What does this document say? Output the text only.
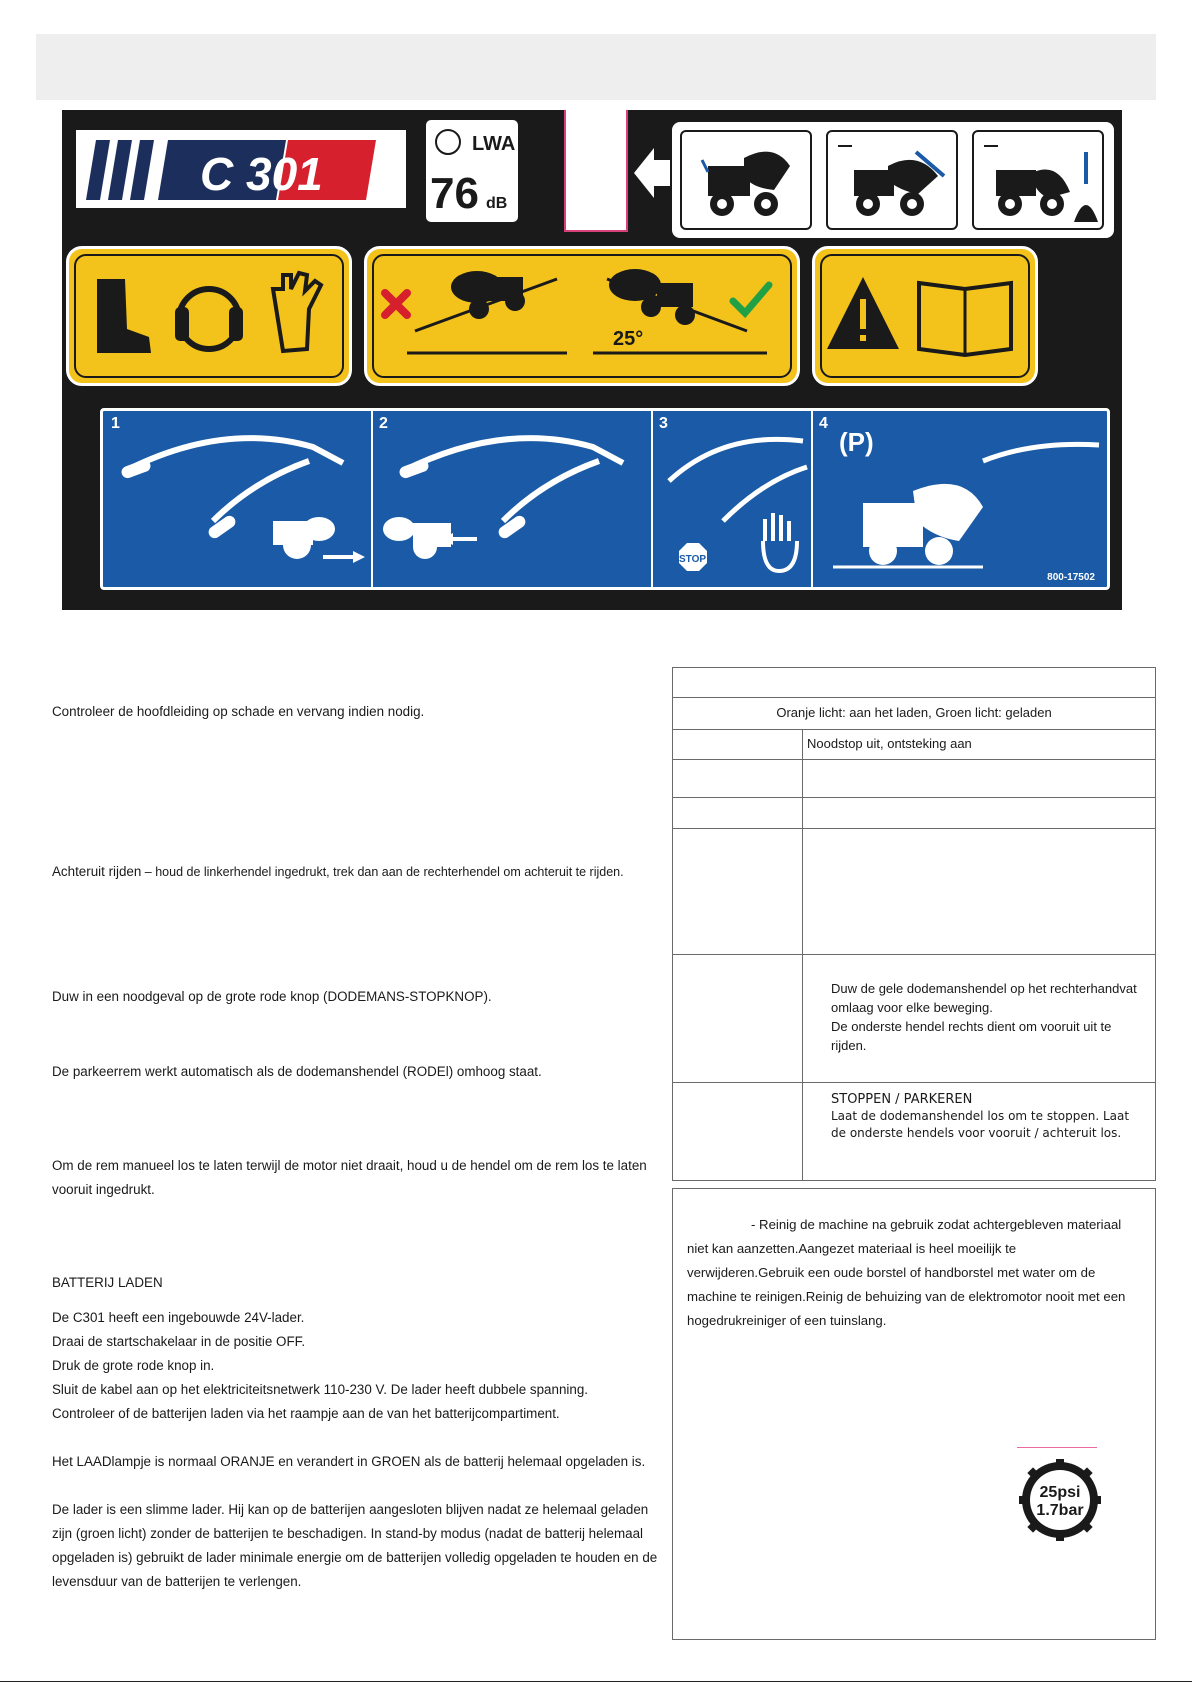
C 301
LWA
76 dB
25°
1	2	3	4
STOP
(P)
800-17502
Controleer de hoofdleiding op schade en vervang indien nodig.
Achteruit rijden – houd de linkerhendel ingedrukt, trek dan aan de rechterhendel om achteruit te rijden.
Duw in een noodgeval op de grote rode knop (DODEMANS-STOPKNOP).
De parkeerrem werkt automatisch als de dodemanshendel (RODEl) omhoog staat.
Om de rem manueel los te laten terwijl de motor niet draait, houd u de hendel om de rem los te laten vooruit ingedrukt.
BATTERIJ LADEN
De C301 heeft een ingebouwde 24V-lader.
Draai de startschakelaar in de positie OFF.
Druk de grote rode knop in.
Sluit de kabel aan op het elektriciteitsnetwerk 110-230 V. De lader heeft dubbele spanning.
Controleer of de batterijen laden via het raampje aan de van het batterijcompartiment.
Het LAADlampje is normaal ORANJE en verandert in GROEN als de batterij helemaal opgeladen is.
De lader is een slimme lader. Hij kan op de batterijen aangesloten blijven nadat ze helemaal geladen zijn (groen licht) zonder de batterijen te beschadigen. In stand-by modus (nadat de batterij helemaal opgeladen is) gebruikt de lader minimale energie om de batterijen volledig opgeladen te houden en de levensduur van de batterijen te verlengen.

Oranje licht: aan het laden, Groen licht: geladen	
	Noodstop uit, ontsteking aan

	Duw de gele dodemanshendel op het rechterhandvat omlaag voor elke beweging.
De onderste hendel rechts dient om vooruit uit te rijden.

	STOPPEN / PARKEREN
Laat de dodemanshendel los om te stoppen. Laat de onderste hendels voor vooruit / achteruit los.
- Reinig de machine na gebruik zodat achtergebleven materiaal niet kan aanzetten.Aangezet materiaal is heel moeilijk te verwijderen.Gebruik een oude borstel of handborstel met water om de machine te reinigen.Reinig de behuizing van de elektromotor nooit met een hogedrukreiniger of een tuinslang.
25psi
1.7bar
